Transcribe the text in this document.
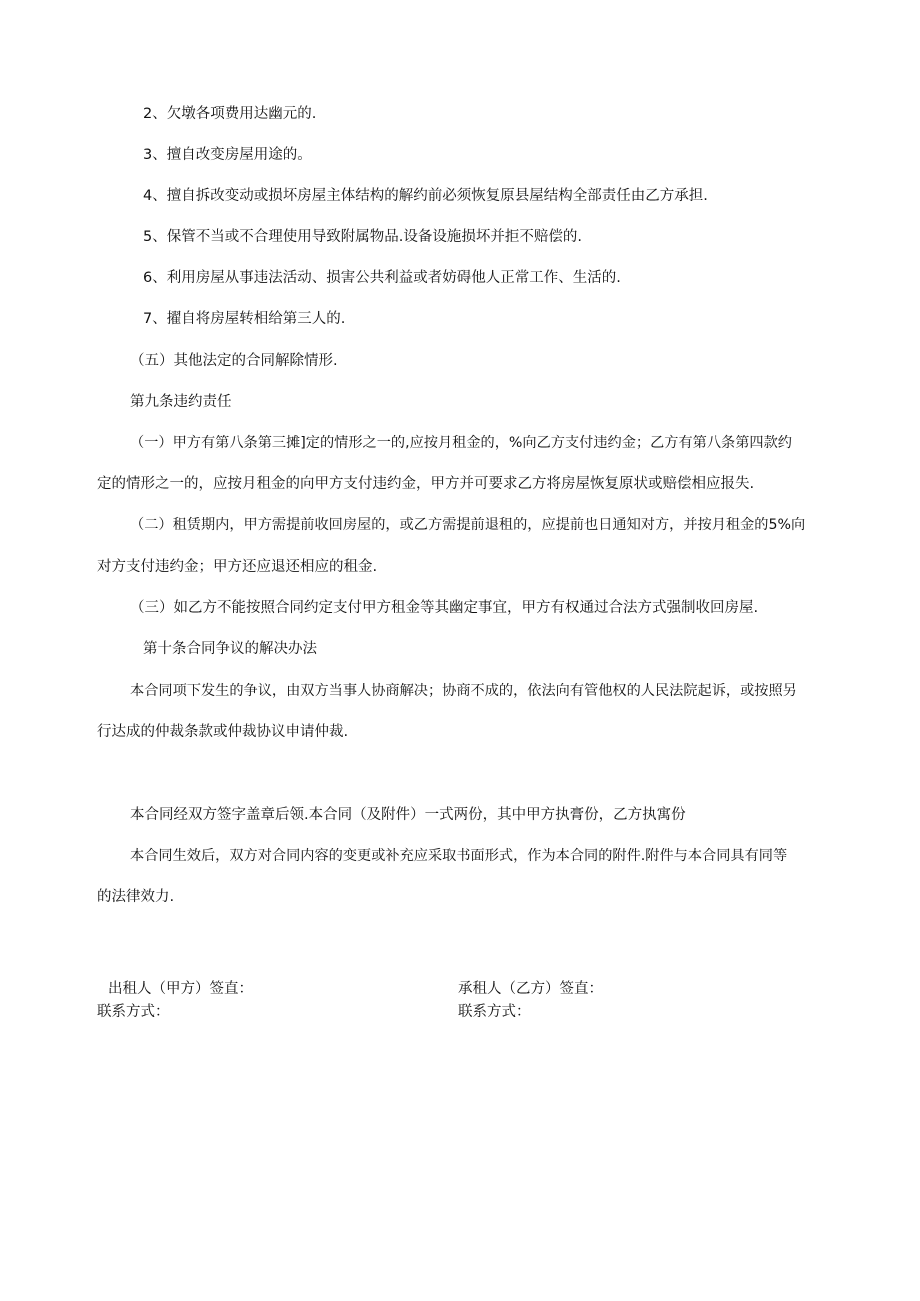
2、欠墩各项费用达幽元的.
3、擅自改变房屋用途的。
4、擅自拆改变动或损坏房屋主体结构的解约前必须恢复原县屋结构全部责任由乙方承担.
5、保管不当或不合理使用导致附属物品.设备设施损坏并拒不赔偿的.
6、利用房屋从事违法活动、损害公共利益或者妨碍他人正常工作、生活的.
7、擢自将房屋转相给第三人的.
（五）其他法定的合同解除情形.
第九条违约责任
（一）甲方有第八条第三摊]定的情形之一的,应按月租金的，%向乙方支付违约金；乙方有第八条第四款约
定的情形之一的，应按月租金的向甲方支付违约金，甲方并可要求乙方将房屋恢复原状或赔偿相应报失.
（二）租赁期内，甲方需提前收回房屋的，或乙方需提前退租的，应提前也日通知对方，并按月租金的5%向
对方支付违约金；甲方还应退还相应的租金.
（三）如乙方不能按照合同约定支付甲方租金等其幽定事宜，甲方有权通过合法方式强制收回房屋.
第十条合同争议的解决办法
本合同项下发生的争议，由双方当事人协商解决；协商不成的，依法向有管他权的人民法院起诉，或按照另
行达成的仲裁条款或仲裁协议申请仲裁.
本合同经双方签字盖章后领.本合同（及附件）一式两份，其中甲方执膏份，乙方执寓份
本合同生效后，双方对合同内容的变更或补充应采取书面形式，作为本合同的附件.附件与本合同具有同等
的法律效力.
出租人（甲方）签直：
联系方式：
承租人（乙方）签直：
联系方式：
